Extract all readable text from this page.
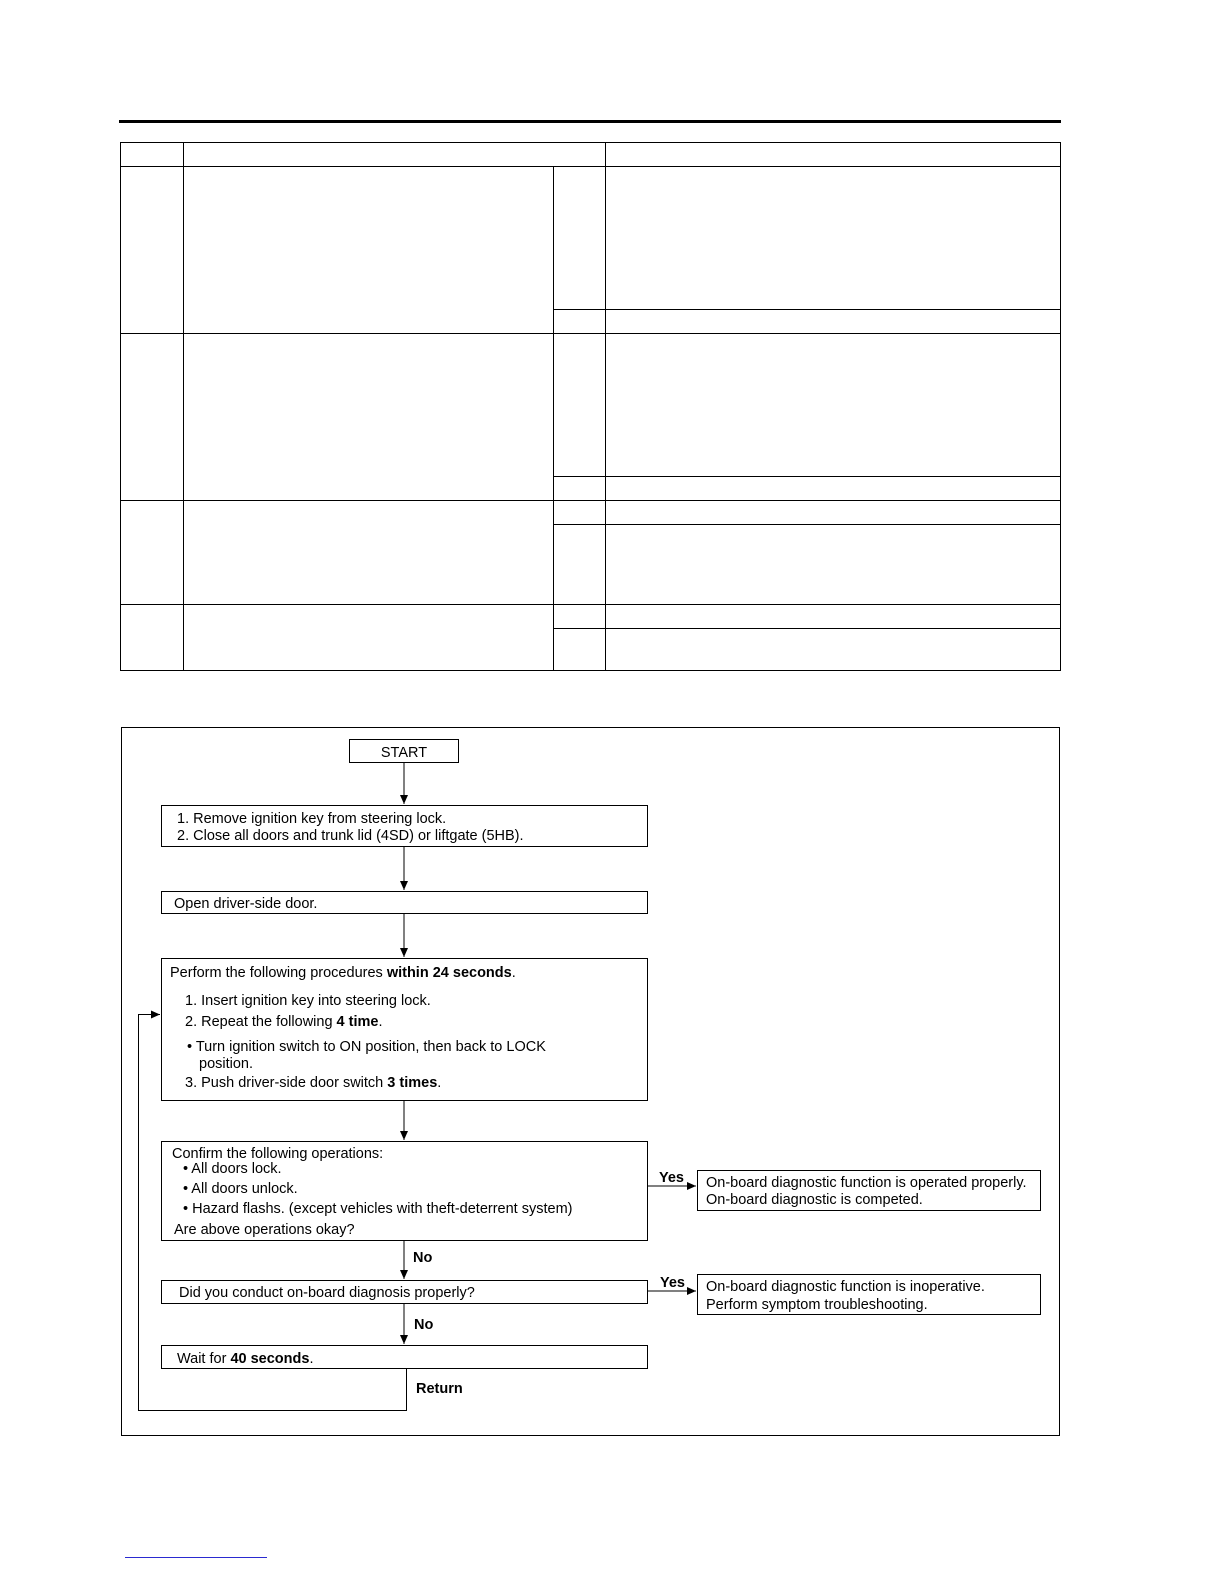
START
1. Remove ignition key from steering lock.
2. Close all doors and trunk lid (4SD) or liftgate (5HB).
Open driver-side door.
Perform the following procedures within 24 seconds.
1. Insert ignition key into steering lock.
2. Repeat the following 4 time.
• Turn ignition switch to ON position, then back to LOCK
position.
3. Push driver-side door switch 3 times.
Confirm the following operations:
• All doors lock.
• All doors unlock.
• Hazard flashs. (except vehicles with theft-deterrent system)
Are above operations okay?
Yes On-board diagnostic function is operated properly.
On-board diagnostic is competed.
No
Did you conduct on-board diagnosis properly?
Yes On-board diagnostic function is inoperative.
Perform symptom troubleshooting.
No
Wait for 40 seconds.
Return
